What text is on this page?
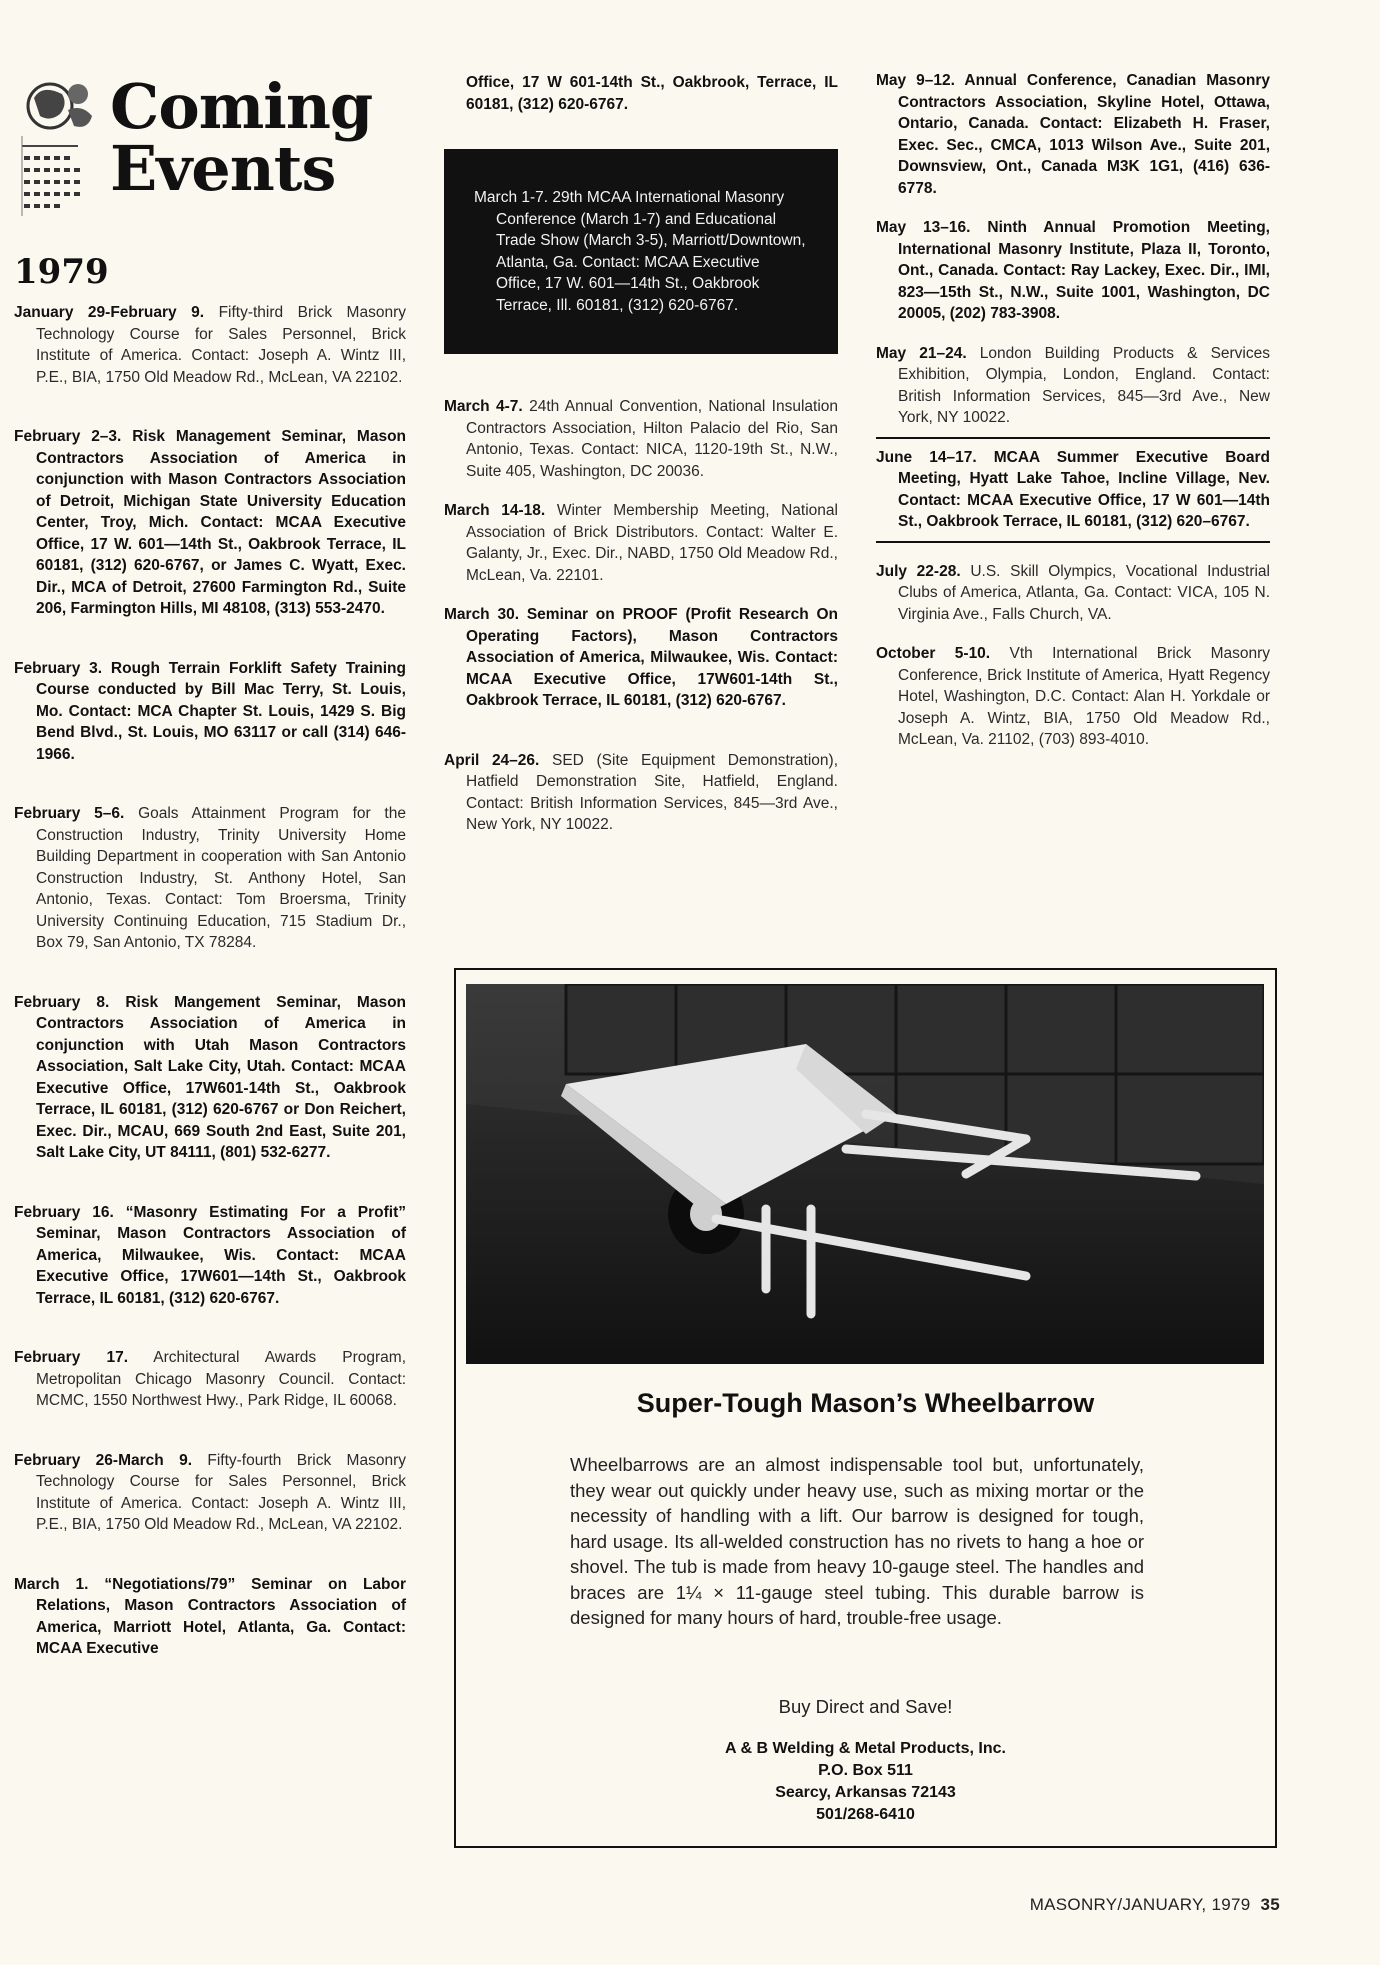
Coming
Events
1979

January 29-February 9. Fifty-third Brick Masonry Technology Course for Sales Personnel, Brick Institute of America. Contact: Joseph A. Wintz III, P.E., BIA, 1750 Old Meadow Rd., McLean, VA 22102.

February 2–3. Risk Management Seminar, Mason Contractors Association of America in conjunction with Mason Contractors Association of Detroit, Michigan State University Education Center, Troy, Mich. Contact: MCAA Executive Office, 17 W. 601—14th St., Oakbrook Terrace, IL 60181, (312) 620-6767, or James C. Wyatt, Exec. Dir., MCA of Detroit, 27600 Farmington Rd., Suite 206, Farmington Hills, MI 48108, (313) 553-2470.

February 3. Rough Terrain Forklift Safety Training Course conducted by Bill Mac Terry, St. Louis, Mo. Contact: MCA Chapter St. Louis, 1429 S. Big Bend Blvd., St. Louis, MO 63117 or call (314) 646-1966.

February 5–6. Goals Attainment Program for the Construction Industry, Trinity University Home Building Department in cooperation with San Antonio Construction Industry, St. Anthony Hotel, San Antonio, Texas. Contact: Tom Broersma, Trinity University Continuing Education, 715 Stadium Dr., Box 79, San Antonio, TX 78284.

February 8. Risk Mangement Seminar, Mason Contractors Association of America in conjunction with Utah Mason Contractors Association, Salt Lake City, Utah. Contact: MCAA Executive Office, 17W601-14th St., Oakbrook Terrace, IL 60181, (312) 620-6767 or Don Reichert, Exec. Dir., MCAU, 669 South 2nd East, Suite 201, Salt Lake City, UT 84111, (801) 532-6277.

February 16. “Masonry Estimating For a Profit” Seminar, Mason Contractors Association of America, Milwaukee, Wis. Contact: MCAA Executive Office, 17W601—14th St., Oakbrook Terrace, IL 60181, (312) 620-6767.

February 17. Architectural Awards Program, Metropolitan Chicago Masonry Council. Contact: MCMC, 1550 Northwest Hwy., Park Ridge, IL 60068.

February 26-March 9. Fifty-fourth Brick Masonry Technology Course for Sales Personnel, Brick Institute of America. Contact: Joseph A. Wintz III, P.E., BIA, 1750 Old Meadow Rd., McLean, VA 22102.

March 1. “Negotiations/79” Seminar on Labor Relations, Mason Contractors Association of America, Marriott Hotel, Atlanta, Ga. Contact: MCAA Executive

Office, 17 W 601-14th St., Oakbrook, Terrace, IL 60181, (312) 620-6767.

March 1-7. 29th MCAA International Masonry Conference (March 1-7) and Educational Trade Show (March 3-5), Marriott/Downtown, Atlanta, Ga. Contact: MCAA Executive Office, 17 W. 601—14th St., Oakbrook Terrace, Ill. 60181, (312) 620-6767.

March 4-7. 24th Annual Convention, National Insulation Contractors Association, Hilton Palacio del Rio, San Antonio, Texas. Contact: NICA, 1120-19th St., N.W., Suite 405, Washington, DC 20036.

March 14-18. Winter Membership Meeting, National Association of Brick Distributors. Contact: Walter E. Galanty, Jr., Exec. Dir., NABD, 1750 Old Meadow Rd., McLean, Va. 22101.

March 30. Seminar on PROOF (Profit Research On Operating Factors), Mason Contractors Association of America, Milwaukee, Wis. Contact: MCAA Executive Office, 17W601-14th St., Oakbrook Terrace, IL 60181, (312) 620-6767.

April 24–26. SED (Site Equipment Demonstration), Hatfield Demonstration Site, Hatfield, England. Contact: British Information Services, 845—3rd Ave., New York, NY 10022.

May 9–12. Annual Conference, Canadian Masonry Contractors Association, Skyline Hotel, Ottawa, Ontario, Canada. Contact: Elizabeth H. Fraser, Exec. Sec., CMCA, 1013 Wilson Ave., Suite 201, Downsview, Ont., Canada M3K 1G1, (416) 636-6778.

May 13–16. Ninth Annual Promotion Meeting, International Masonry Institute, Plaza II, Toronto, Ont., Canada. Contact: Ray Lackey, Exec. Dir., IMI, 823—15th St., N.W., Suite 1001, Washington, DC 20005, (202) 783-3908.

May 21–24. London Building Products & Services Exhibition, Olympia, London, England. Contact: British Information Services, 845—3rd Ave., New York, NY 10022.

June 14–17. MCAA Summer Executive Board Meeting, Hyatt Lake Tahoe, Incline Village, Nev. Contact: MCAA Executive Office, 17 W 601—14th St., Oakbrook Terrace, IL 60181, (312) 620–6767.

July 22-28. U.S. Skill Olympics, Vocational Industrial Clubs of America, Atlanta, Ga. Contact: VICA, 105 N. Virginia Ave., Falls Church, VA.

October 5-10. Vth International Brick Masonry Conference, Brick Institute of America, Hyatt Regency Hotel, Washington, D.C. Contact: Alan H. Yorkdale or Joseph A. Wintz, BIA, 1750 Old Meadow Rd., McLean, Va. 21102, (703) 893-4010.

Super-Tough Mason’s Wheelbarrow
Wheelbarrows are an almost indispensable tool but, unfortunately, they wear out quickly under heavy use, such as mixing mortar or the necessity of handling with a lift. Our barrow is designed for tough, hard usage. Its all-welded construction has no rivets to hang a hoe or shovel. The tub is made from heavy 10-gauge steel. The handles and braces are 1¼ × 11-gauge steel tubing. This durable barrow is designed for many hours of hard, trouble-free usage.
Buy Direct and Save!
A & B Welding & Metal Products, Inc.
P.O. Box 511
Searcy, Arkansas 72143
501/268-6410
MASONRY/JANUARY, 1979 35
